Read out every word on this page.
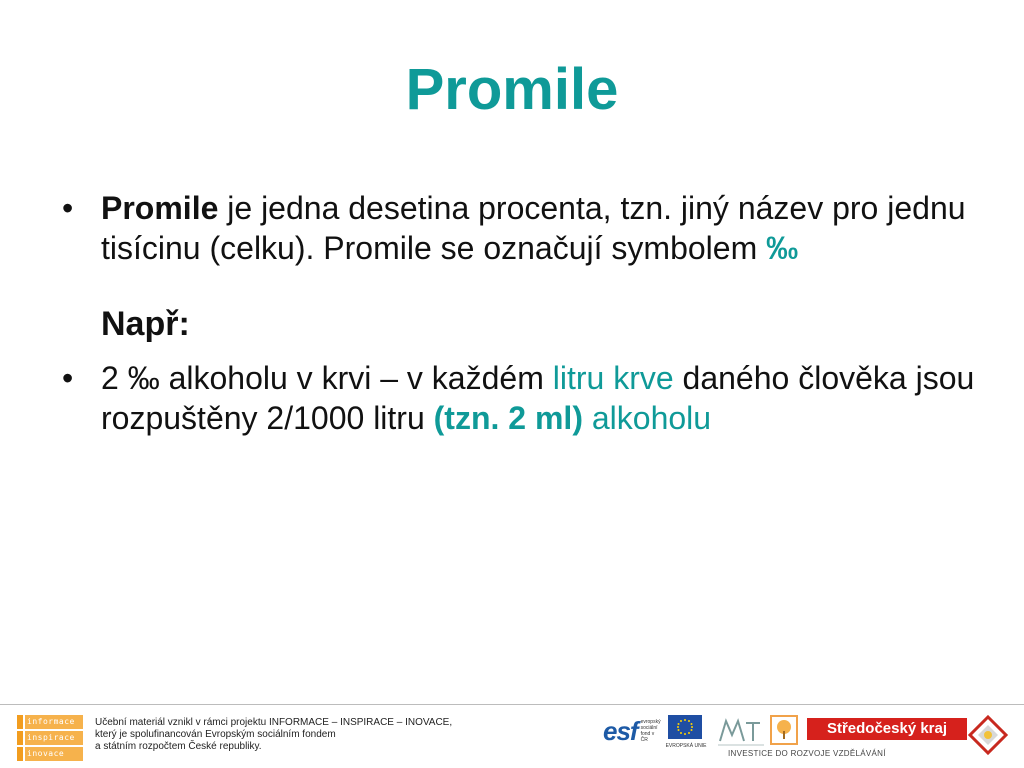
Promile

• Promile je jedna desetina procenta, tzn. jiný název pro jednu tisícinu (celku). Promile se označují symbolem ‰

Např:

• 2 ‰ alkoholu v krvi – v každém litru krve daného člověka jsou rozpuštěny 2/1000 litru (tzn. 2 ml) alkoholu

informace
inspirace
inovace
Učební materiál vznikl v rámci projektu INFORMACE – INSPIRACE – INOVACE,
který je spolufinancován Evropským sociálním fondem
a státním rozpočtem České republiky.
esf evropský sociální fond v ČR
EVROPSKÁ UNIE
Středočeský kraj
INVESTICE DO ROZVOJE VZDĚLÁVÁNÍ
